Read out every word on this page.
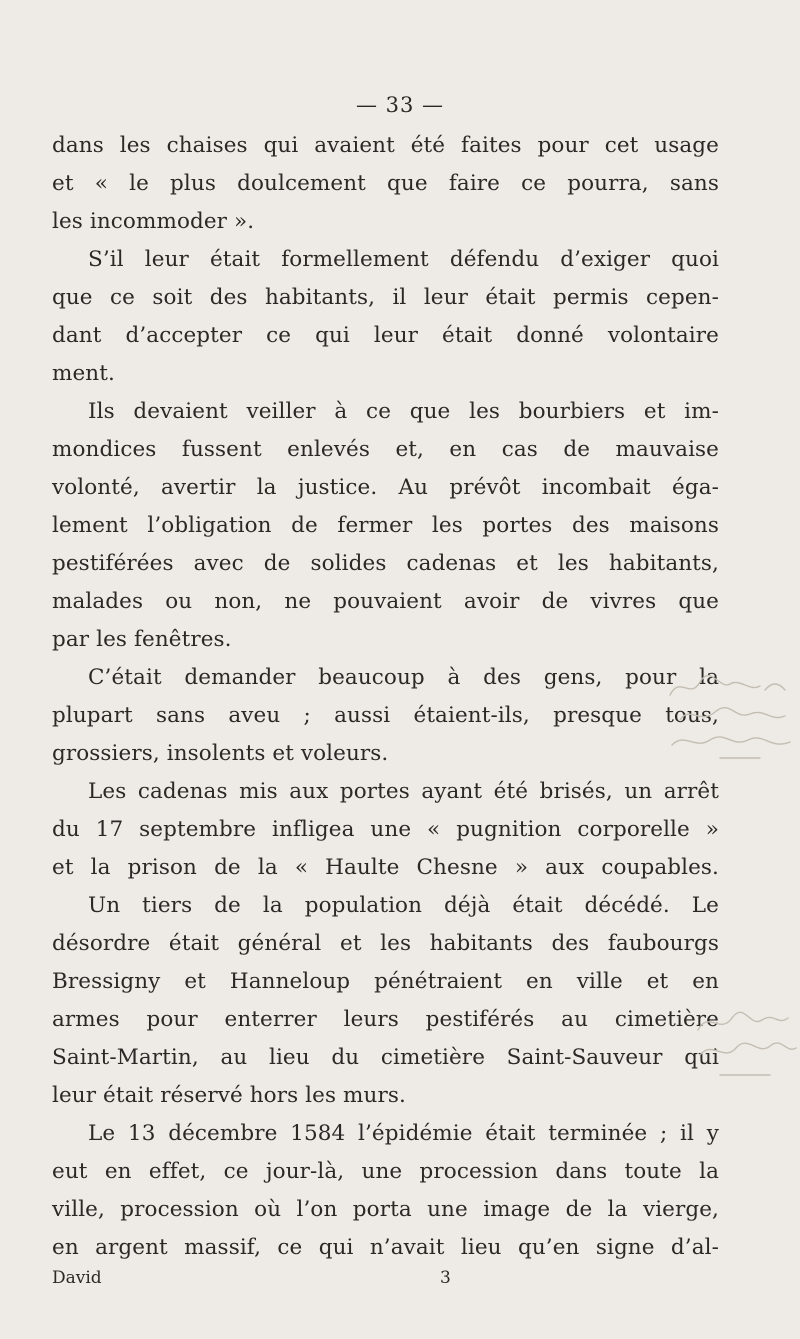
— 33 —
dans les chaises qui avaient été faites pour cet usage
et « le plus doulcement que faire ce pourra, sans
les incommoder ».
S’il leur était formellement défendu d’exiger quoi
que ce soit des habitants, il leur était permis cepen-
dant d’accepter ce qui leur était donné volontaire
ment.
Ils devaient veiller à ce que les bourbiers et im-
mondices fussent enlevés et, en cas de mauvaise
volonté, avertir la justice. Au prévôt incombait éga-
lement l’obligation de fermer les portes des maisons
pestiférées avec de solides cadenas et les habitants,
malades ou non, ne pouvaient avoir de vivres que
par les fenêtres.
C’était demander beaucoup à des gens, pour la
plupart sans aveu ; aussi étaient-ils, presque tous,
grossiers, insolents et voleurs.
Les cadenas mis aux portes ayant été brisés, un arrêt
du 17 septembre infligea une « pugnition corporelle »
et la prison de la « Haulte Chesne » aux coupables.
Un tiers de la population déjà était décédé. Le
désordre était général et les habitants des faubourgs
Bressigny et Hanneloup pénétraient en ville et en
armes pour enterrer leurs pestiférés au cimetière
Saint-Martin, au lieu du cimetière Saint-Sauveur qui
leur était réservé hors les murs.
Le 13 décembre 1584 l’épidémie était terminée ; il y
eut en effet, ce jour-là, une procession dans toute la
ville, procession où l’on porta une image de la vierge,
en argent massif, ce qui n’avait lieu qu’en signe d’al-
David	3
